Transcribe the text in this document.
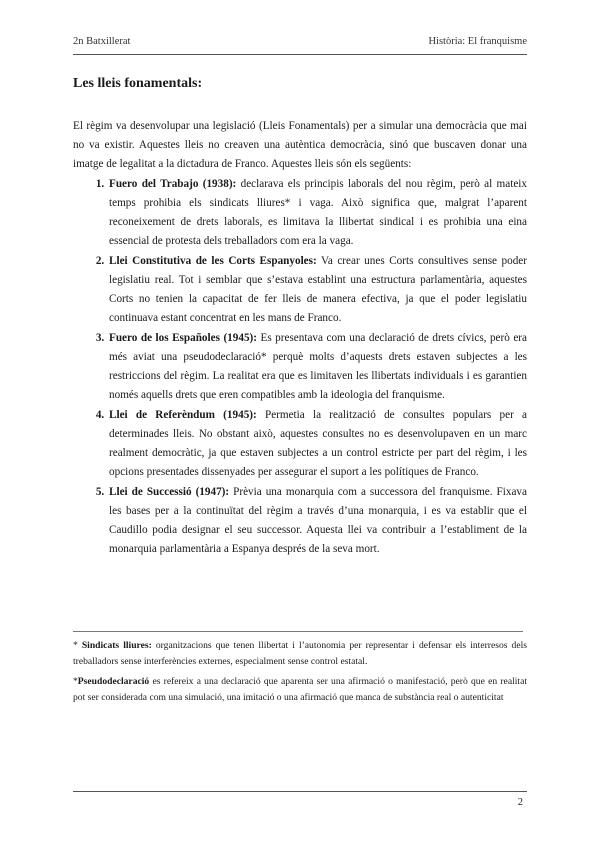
2n Batxillerat	Història: El franquisme
Les lleis fonamentals:

El règim va desenvolupar una legislació (Lleis Fonamentals) per a simular una democràcia que mai no va existir. Aquestes lleis no creaven una autèntica democràcia, sinó que buscaven donar una imatge de legalitat a la dictadura de Franco. Aquestes lleis són els següents:

1. Fuero del Trabajo (1938): declarava els principis laborals del nou règim, però al mateix temps prohibia els sindicats lliures* i vaga. Això significa que, malgrat l’aparent reconeixement de drets laborals, es limitava la llibertat sindical i es prohibia una eina essencial de protesta dels treballadors com era la vaga.
2. Llei Constitutiva de les Corts Espanyoles: Va crear unes Corts consultives sense poder legislatiu real. Tot i semblar que s’estava establint una estructura parlamentària, aquestes Corts no tenien la capacitat de fer lleis de manera efectiva, ja que el poder legislatiu continuava estant concentrat en les mans de Franco.
3. Fuero de los Españoles (1945): Es presentava com una declaració de drets cívics, però era més aviat una pseudodeclaració* perquè molts d’aquests drets estaven subjectes a les restriccions del règim. La realitat era que es limitaven les llibertats individuals i es garantien només aquells drets que eren compatibles amb la ideologia del franquisme.
4. Llei de Referèndum (1945): Permetia la realització de consultes populars per a determinades lleis. No obstant això, aquestes consultes no es desenvolupaven en un marc realment democràtic, ja que estaven subjectes a un control estricte per part del règim, i les opcions presentades dissenyades per assegurar el suport a les polítiques de Franco.
5. Llei de Successió (1947): Prèvia una monarquia com a successora del franquisme. Fixava les bases per a la continuïtat del règim a través d’una monarquia, i es va establir que el Caudillo podia designar el seu successor. Aquesta llei va contribuir a l’establiment de la monarquia parlamentària a Espanya després de la seva mort.

* Sindicats lliures: organitzacions que tenen llibertat i l’autonomia per representar i defensar els interresos dels treballadors sense interferències externes, especialment sense control estatal.

*Pseudodeclaració es refereix a una declaració que aparenta ser una afirmació o manifestació, però que en realitat pot ser considerada com una simulació, una imitació o una afirmació que manca de substància real o autenticitat

2
